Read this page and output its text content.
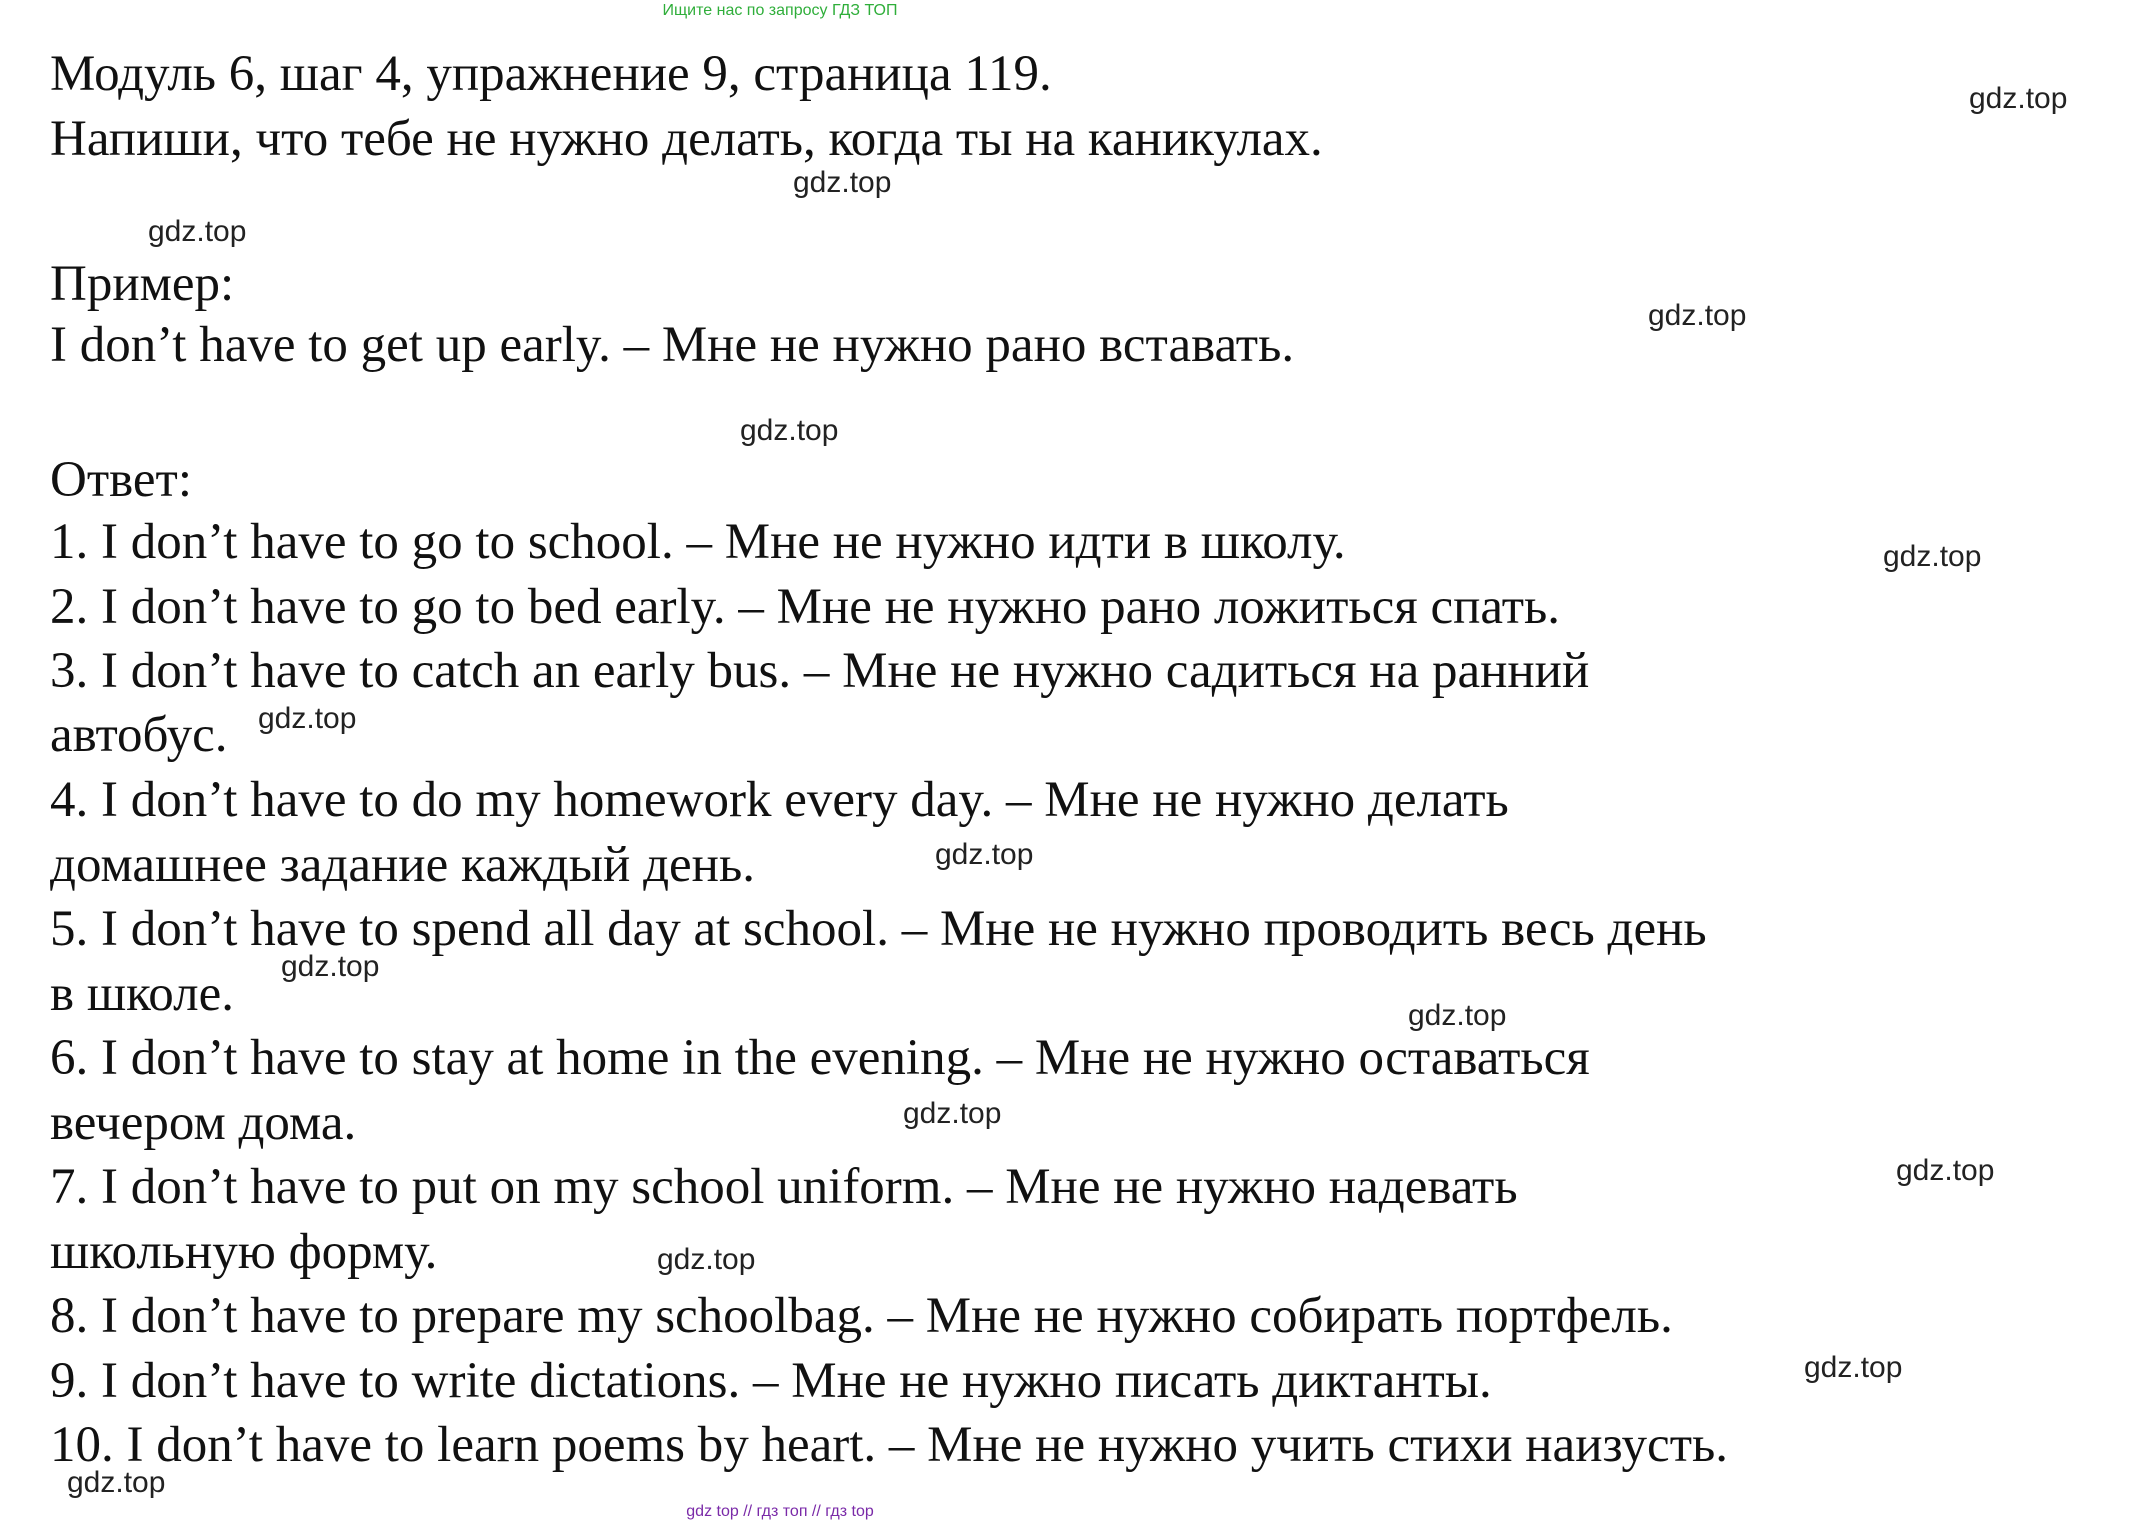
Ищите нас по запросу ГДЗ ТОП
Модуль 6, шаг 4, упражнение 9, страница 119.
Напиши, что тебе не нужно делать, когда ты на каникулах.
Пример:
I don’t have to get up early. – Мне не нужно рано вставать.
Ответ:
1. I don’t have to go to school. – Мне не нужно идти в школу.
2. I don’t have to go to bed early. – Мне не нужно рано ложиться спать.
3. I don’t have to catch an early bus. – Мне не нужно садиться на ранний
автобус.
4. I don’t have to do my homework every day. – Мне не нужно делать
домашнее задание каждый день.
5. I don’t have to spend all day at school. – Мне не нужно проводить весь день
в школе.
6. I don’t have to stay at home in the evening. – Мне не нужно оставаться
вечером дома.
7. I don’t have to put on my school uniform. – Мне не нужно надевать
школьную форму.
8. I don’t have to prepare my schoolbag. – Мне не нужно собирать портфель.
9. I don’t have to write dictations. – Мне не нужно писать диктанты.
10. I don’t have to learn poems by heart. – Мне не нужно учить стихи наизусть.
gdz.top
gdz.top
gdz.top
gdz.top
gdz.top
gdz.top
gdz.top
gdz.top
gdz.top
gdz.top
gdz.top
gdz.top
gdz.top
gdz.top
gdz.top
gdz top // гдз топ // гдз top
